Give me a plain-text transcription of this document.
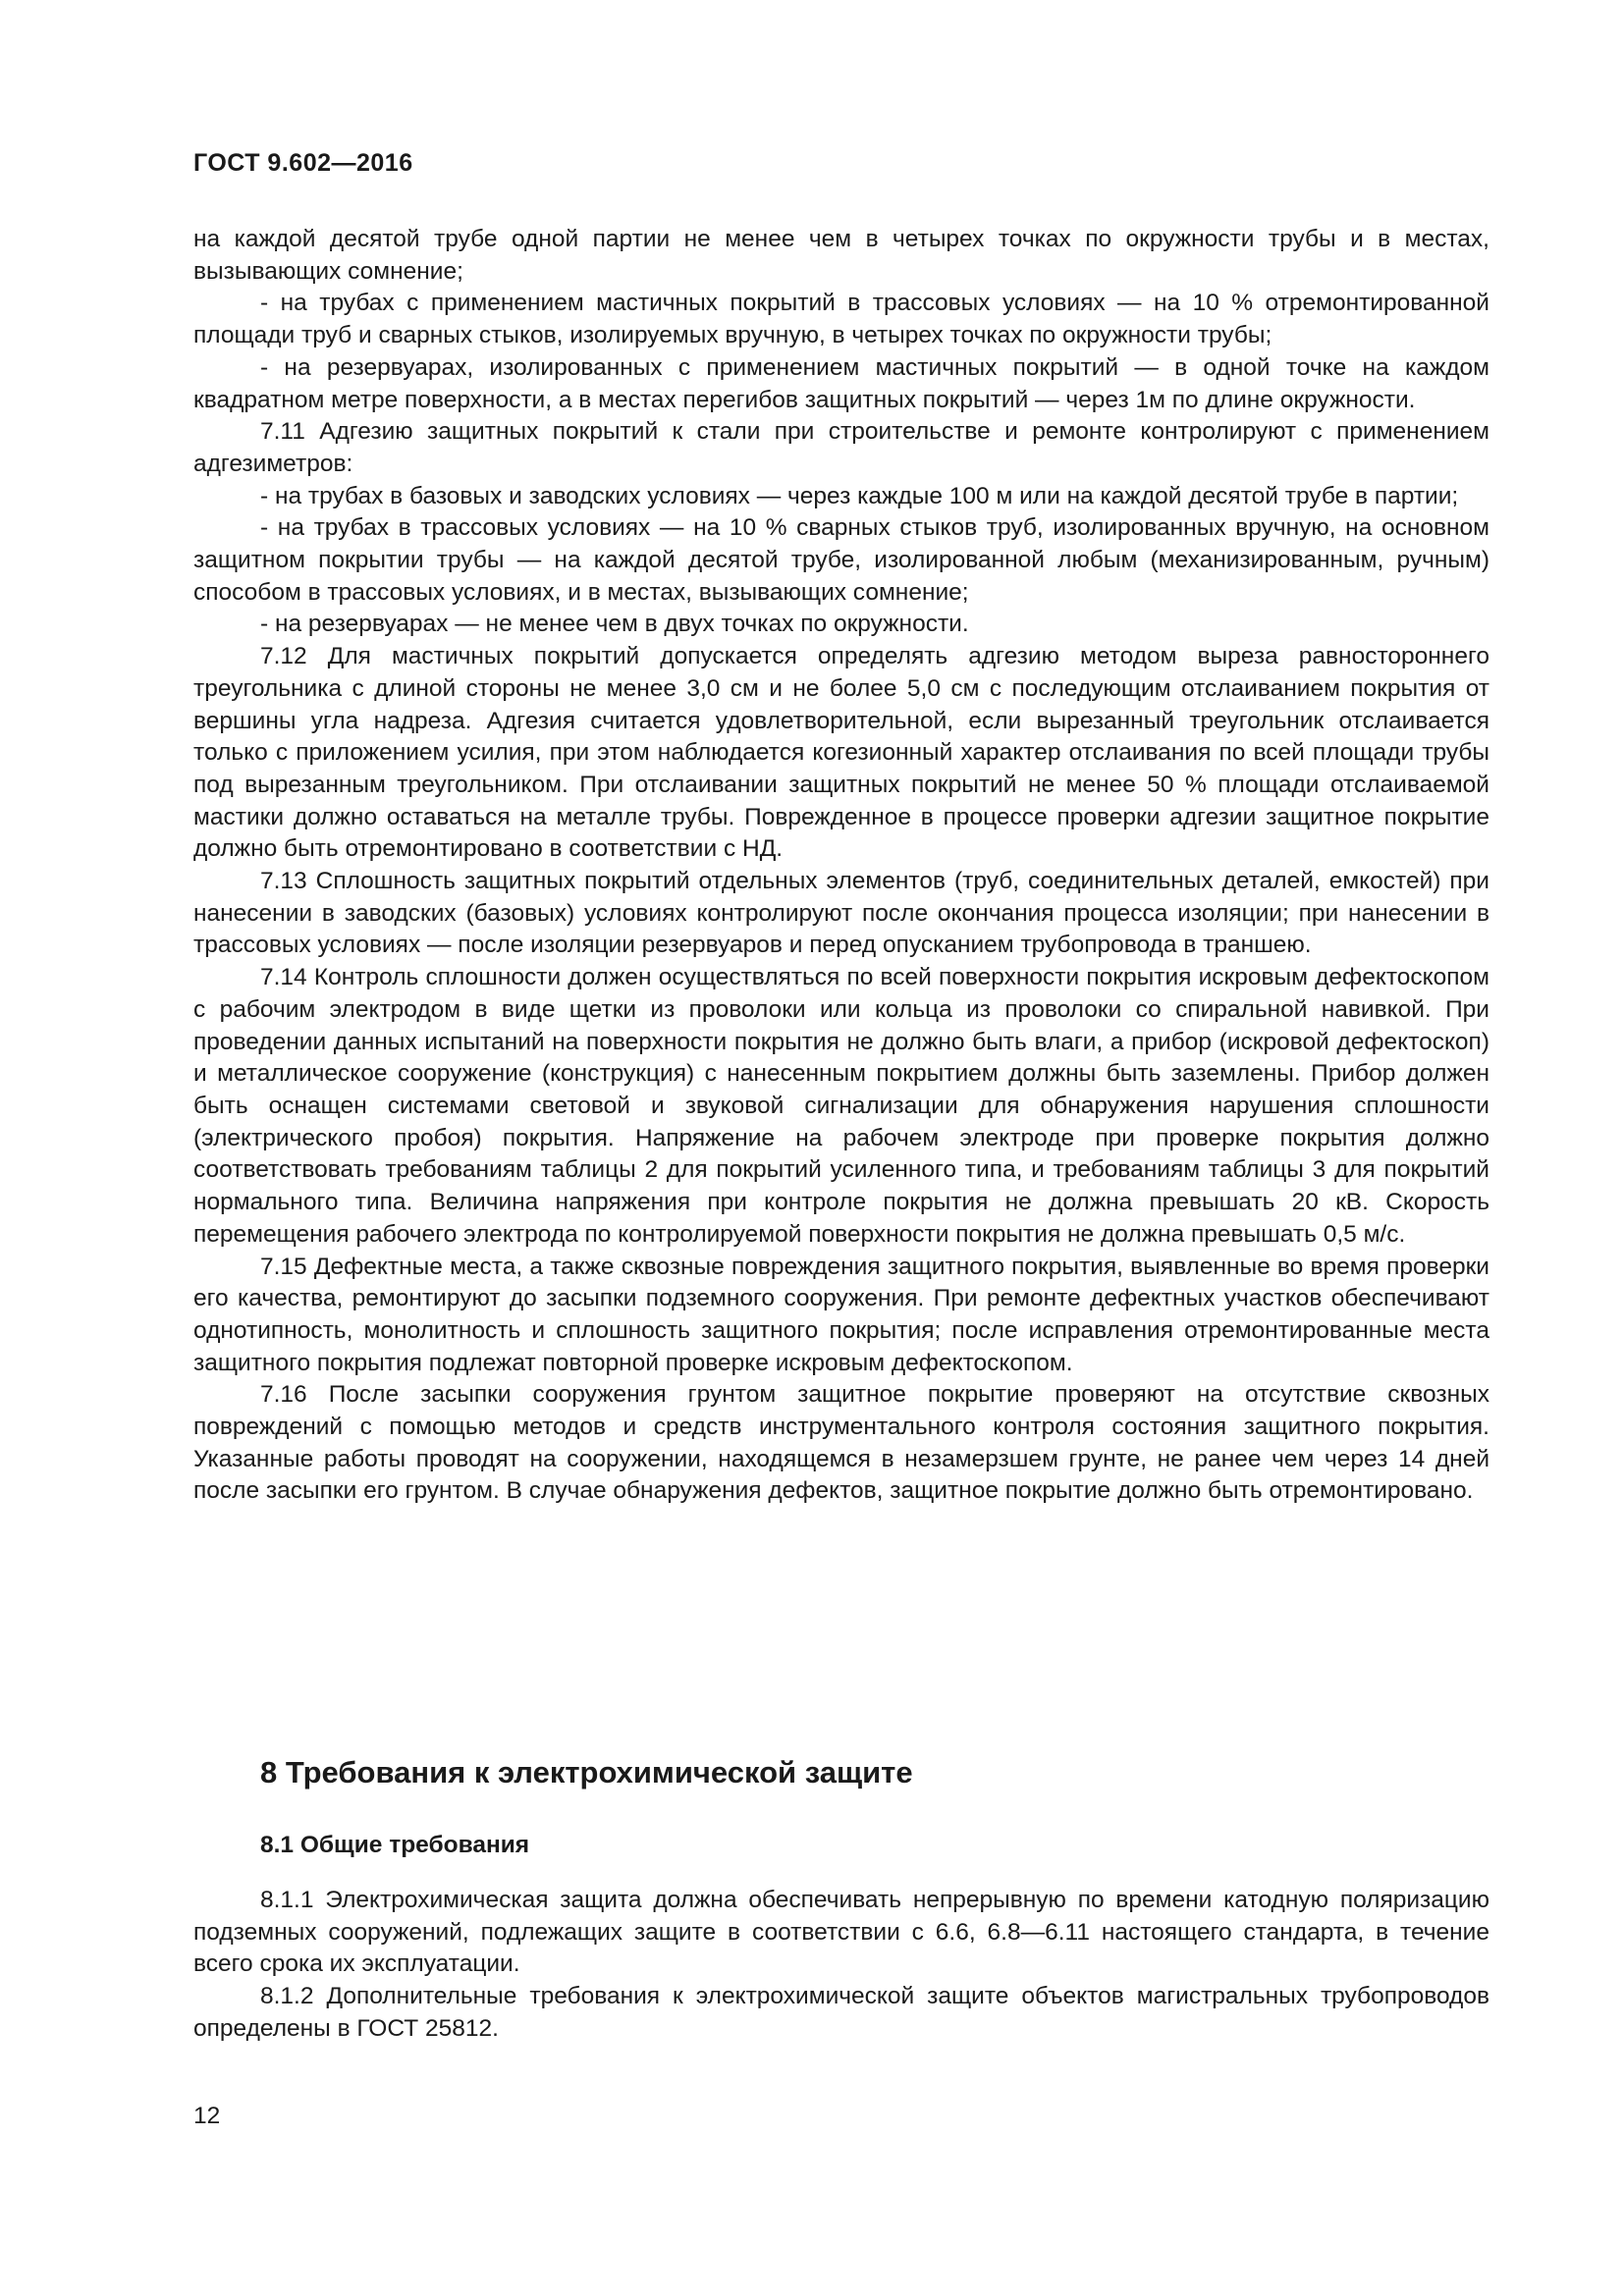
ГОСТ 9.602—2016

на каждой десятой трубе одной партии не менее чем в четырех точках по окружности трубы и в местах, вызывающих сомнение;

- на трубах с применением мастичных покрытий в трассовых условиях — на 10 % отремонтированной площади труб и сварных стыков, изолируемых вручную, в четырех точках по окружности трубы;

- на резервуарах, изолированных с применением мастичных покрытий — в одной точке на каждом квадратном метре поверхности, а в местах перегибов защитных покрытий — через 1м по длине окружности.

7.11 Адгезию защитных покрытий к стали при строительстве и ремонте контролируют с применением адгезиметров:

- на трубах в базовых и заводских условиях — через каждые 100 м или на каждой десятой трубе в партии;

- на трубах в трассовых условиях — на 10 % сварных стыков труб, изолированных вручную, на основном защитном покрытии трубы — на каждой десятой трубе, изолированной любым (механизированным, ручным) способом в трассовых условиях, и в местах, вызывающих сомнение;

- на резервуарах — не менее чем в двух точках по окружности.

7.12 Для мастичных покрытий допускается определять адгезию методом выреза равностороннего треугольника с длиной стороны не менее 3,0 см и не более 5,0 см с последующим отслаиванием покрытия от вершины угла надреза. Адгезия считается удовлетворительной, если вырезанный треугольник отслаивается только с приложением усилия, при этом наблюдается когезионный характер отслаивания по всей площади трубы под вырезанным треугольником. При отслаивании защитных покрытий не менее 50 % площади отслаиваемой мастики должно оставаться на металле трубы. Поврежденное в процессе проверки адгезии защитное покрытие должно быть отремонтировано в соответствии с НД.

7.13 Сплошность защитных покрытий отдельных элементов (труб, соединительных деталей, емкостей) при нанесении в заводских (базовых) условиях контролируют после окончания процесса изоляции; при нанесении в трассовых условиях — после изоляции резервуаров и перед опусканием трубопровода в траншею.

7.14 Контроль сплошности должен осуществляться по всей поверхности покрытия искровым дефектоскопом с рабочим электродом в виде щетки из проволоки или кольца из проволоки со спиральной навивкой. При проведении данных испытаний на поверхности покрытия не должно быть влаги, а прибор (искровой дефектоскоп) и металлическое сооружение (конструкция) с нанесенным покрытием должны быть заземлены. Прибор должен быть оснащен системами световой и звуковой сигнализации для обнаружения нарушения сплошности (электрического пробоя) покрытия. Напряжение на рабочем электроде при проверке покрытия должно соответствовать требованиям таблицы 2 для покрытий усиленного типа, и требованиям таблицы 3 для покрытий нормального типа. Величина напряжения при контроле покрытия не должна превышать 20 кВ. Скорость перемещения рабочего электрода по контролируемой поверхности покрытия не должна превышать 0,5 м/с.

7.15 Дефектные места, а также сквозные повреждения защитного покрытия, выявленные во время проверки его качества, ремонтируют до засыпки подземного сооружения. При ремонте дефектных участков обеспечивают однотипность, монолитность и сплошность защитного покрытия; после исправления отремонтированные места защитного покрытия подлежат повторной проверке искровым дефектоскопом.

7.16 После засыпки сооружения грунтом защитное покрытие проверяют на отсутствие сквозных повреждений с помощью методов и средств инструментального контроля состояния защитного покрытия. Указанные работы проводят на сооружении, находящемся в незамерзшем грунте, не ранее чем через 14 дней после засыпки его грунтом. В случае обнаружения дефектов, защитное покрытие должно быть отремонтировано.

8 Требования к электрохимической защите
8.1 Общие требования

8.1.1 Электрохимическая защита должна обеспечивать непрерывную по времени катодную поляризацию подземных сооружений, подлежащих защите в соответствии с 6.6, 6.8—6.11 настоящего стандарта, в течение всего срока их эксплуатации.

8.1.2 Дополнительные требования к электрохимической защите объектов магистральных трубопроводов определены в ГОСТ 25812.

12
